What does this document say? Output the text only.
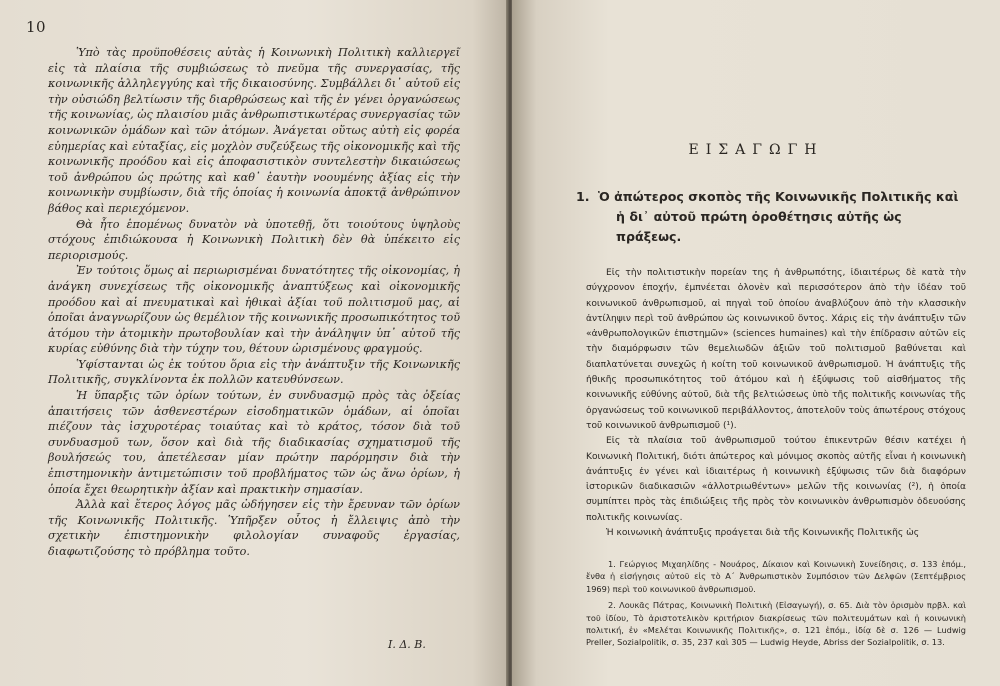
10

Ὑπὸ τὰς προϋποθέσεις αὐτὰς ἡ Κοινωνικὴ Πολιτικὴ καλλιεργεῖ εἰς τὰ πλαίσια τῆς συμβιώσεως τὸ πνεῦμα τῆς συνεργασίας, τῆς κοινωνικῆς ἀλληλεγγύης καὶ τῆς δικαιοσύνης. Συμβάλλει δι᾿ αὐτοῦ εἰς τὴν οὐσιώδη βελτίωσιν τῆς διαρθρώσεως καὶ τῆς ἐν γένει ὀργανώσεως τῆς κοινωνίας, ὡς πλαισίου μιᾶς ἀνθρωπιστικωτέρας συνεργασίας τῶν κοινωνικῶν ὁμάδων καὶ τῶν ἀτόμων. Ἀνάγεται οὕτως αὐτὴ εἰς φορέα εὐημερίας καὶ εὐταξίας, εἰς μοχλὸν συζεύξεως τῆς οἰκονομικῆς καὶ τῆς κοινωνικῆς προόδου καὶ εἰς ἀποφασιστικὸν συντελεστὴν δικαιώσεως τοῦ ἀνθρώπου ὡς πρώτης καὶ καθ᾿ ἑαυτὴν νοουμένης ἀξίας εἰς τὴν κοινωνικὴν συμβίωσιν, διὰ τῆς ὁποίας ἡ κοινωνία ἀποκτᾷ ἀνθρώπινον βάθος καὶ περιεχόμενον.

Θὰ ἦτο ἑπομένως δυνατὸν νὰ ὑποτεθῇ, ὅτι τοιούτους ὑψηλοὺς στόχους ἐπιδιώκουσα ἡ Κοινωνικὴ Πολιτικὴ δὲν θὰ ὑπέκειτο εἰς περιορισμούς.

Ἐν τούτοις ὅμως αἱ περιωρισμέναι δυνατότητες τῆς οἰκονομίας, ἡ ἀνάγκη συνεχίσεως τῆς οἰκονομικῆς ἀναπτύξεως καὶ οἰκονομικῆς προόδου καὶ αἱ πνευματικαὶ καὶ ἠθικαὶ ἀξίαι τοῦ πολιτισμοῦ μας, αἱ ὁποῖαι ἀναγνωρίζουν ὡς θεμέλιον τῆς κοινωνικῆς προσωπικότητος τοῦ ἀτόμου τὴν ἀτομικὴν πρωτοβουλίαν καὶ τὴν ἀνάληψιν ὑπ᾿ αὐτοῦ τῆς κυρίας εὐθύνης διὰ τὴν τύχην του, θέτουν ὡρισμένους φραγμούς.

Ὑφίστανται ὡς ἐκ τούτου ὅρια εἰς τὴν ἀνάπτυξιν τῆς Κοινωνικῆς Πολιτικῆς, συγκλίνοντα ἐκ πολλῶν κατευθύνσεων.

Ἡ ὕπαρξις τῶν ὁρίων τούτων, ἐν συνδυασμῷ πρὸς τὰς ὀξείας ἀπαιτήσεις τῶν ἀσθενεστέρων εἰσοδηματικῶν ὁμάδων, αἱ ὁποῖαι πιέζουν τὰς ἰσχυροτέρας τοιαύτας καὶ τὸ κράτος, τόσον διὰ τοῦ συνδυασμοῦ των, ὅσον καὶ διὰ τῆς διαδικασίας σχηματισμοῦ τῆς βουλήσεώς του, ἀπετέλεσαν μίαν πρώτην παρόρμησιν διὰ τὴν ἐπιστημονικὴν ἀντιμετώπισιν τοῦ προβλήματος τῶν ὡς ἄνω ὁρίων, ἡ ὁποία ἔχει θεωρητικὴν ἀξίαν καὶ πρακτικὴν σημασίαν.

Ἀλλὰ καὶ ἕτερος λόγος μᾶς ὡδήγησεν εἰς τὴν ἔρευναν τῶν ὁρίων τῆς Κοινωνικῆς Πολιτικῆς. Ὑπῆρξεν οὗτος ἡ ἔλλειψις ἀπὸ τὴν σχετικὴν ἐπιστημονικὴν φιλολογίαν συναφοῦς ἐργασίας, διαφωτιζούσης τὸ πρόβλημα τοῦτο.

Ι. Δ. Β.
ΕΙΣΑΓΩΓΗ
1. Ὁ ἀπώτερος σκοπὸς τῆς Κοινωνικῆς Πολιτικῆς καὶ
ἡ δι᾿ αὐτοῦ πρώτη ὀροθέτησις αὐτῆς ὡς πράξεως.

Εἰς τὴν πολιτιστικὴν πορείαν της ἡ ἀνθρωπότης, ἰδιαιτέρως δὲ κατὰ τὴν σύγχρονον ἐποχήν, ἐμπνέεται ὁλονὲν καὶ περισσότερον ἀπὸ τὴν ἰδέαν τοῦ κοινωνικοῦ ἀνθρωπισμοῦ, αἱ πηγαὶ τοῦ ὁποίου ἀναβλύζουν ἀπὸ τὴν κλασσικὴν ἀντίληψιν περὶ τοῦ ἀνθρώπου ὡς κοινωνικοῦ ὄντος. Χάρις εἰς τὴν ἀνάπτυξιν τῶν «ἀνθρωπολογικῶν ἐπιστημῶν» (sciences humaines) καὶ τὴν ἐπίδρασιν αὐτῶν εἰς τὴν διαμόρφωσιν τῶν θεμελιωδῶν ἀξιῶν τοῦ πολιτισμοῦ βαθύνεται καὶ διαπλατύνεται συνεχῶς ἡ κοίτη τοῦ κοινωνικοῦ ἀνθρωπισμοῦ. Ἡ ἀνάπτυξις τῆς ἠθικῆς προσωπικότητος τοῦ ἀτόμου καὶ ἡ ἐξύψωσις τοῦ αἰσθήματος τῆς κοινωνικῆς εὐθύνης αὐτοῦ, διὰ τῆς βελτιώσεως ὑπὸ τῆς πολιτικῆς κοινωνίας τῆς ὀργανώσεως τοῦ κοινωνικοῦ περιβάλλοντος, ἀποτελοῦν τοὺς ἀπωτέρους στόχους τοῦ κοινωνικοῦ ἀνθρωπισμοῦ (¹).

Εἰς τὰ πλαίσια τοῦ ἀνθρωπισμοῦ τούτου ἐπικεντρῶν θέσιν κατέχει ἡ Κοινωνικὴ Πολιτική, διότι ἀπώτερος καὶ μόνιμος σκοπὸς αὐτῆς εἶναι ἡ κοινωνικὴ ἀνάπτυξις ἐν γένει καὶ ἰδιαιτέρως ἡ κοινωνικὴ ἐξύψωσις τῶν διὰ διαφόρων ἱστορικῶν διαδικασιῶν «ἀλλοτριωθέντων» μελῶν τῆς κοινωνίας (²), ἡ ὁποία συμπίπτει πρὸς τὰς ἐπιδιώξεις τῆς πρὸς τὸν κοινωνικὸν ἀνθρωπισμὸν ὁδευούσης πολιτικῆς κοινωνίας.

Ἡ κοινωνικὴ ἀνάπτυξις προάγεται διὰ τῆς Κοινωνικῆς Πολιτικῆς ὡς

1. Γεώργιος Μιχαηλίδης - Νουάρος, Δίκαιον καὶ Κοινωνικὴ Συνείδησις, σ. 133 ἑπόμ., ἔνθα ἡ εἰσήγησις αὐτοῦ εἰς τὸ Α΄ Ἀνθρωπιστικὸν Συμπόσιον τῶν Δελφῶν (Σεπτέμβριος 1969) περὶ τοῦ κοινωνικοῦ ἀνθρωπισμοῦ.

2. Λουκᾶς Πάτρας, Κοινωνικὴ Πολιτικὴ (Εἰσαγωγή), σ. 65. Διὰ τὸν ὁρισμὸν πρβλ. καὶ τοῦ ἰδίου, Τὸ ἀριστοτελικὸν κριτήριον διακρίσεως τῶν πολιτευμάτων καὶ ἡ κοινωνικὴ πολιτική, ἐν «Μελέται Κοινωνικῆς Πολιτικῆς», σ. 121 ἑπόμ., ἰδίᾳ δὲ σ. 126 — Ludwig Preller, Sozialpolitik, σ. 35, 237 καὶ 305 — Ludwig Heyde, Abriss der Sozialpolitik, σ. 13.
